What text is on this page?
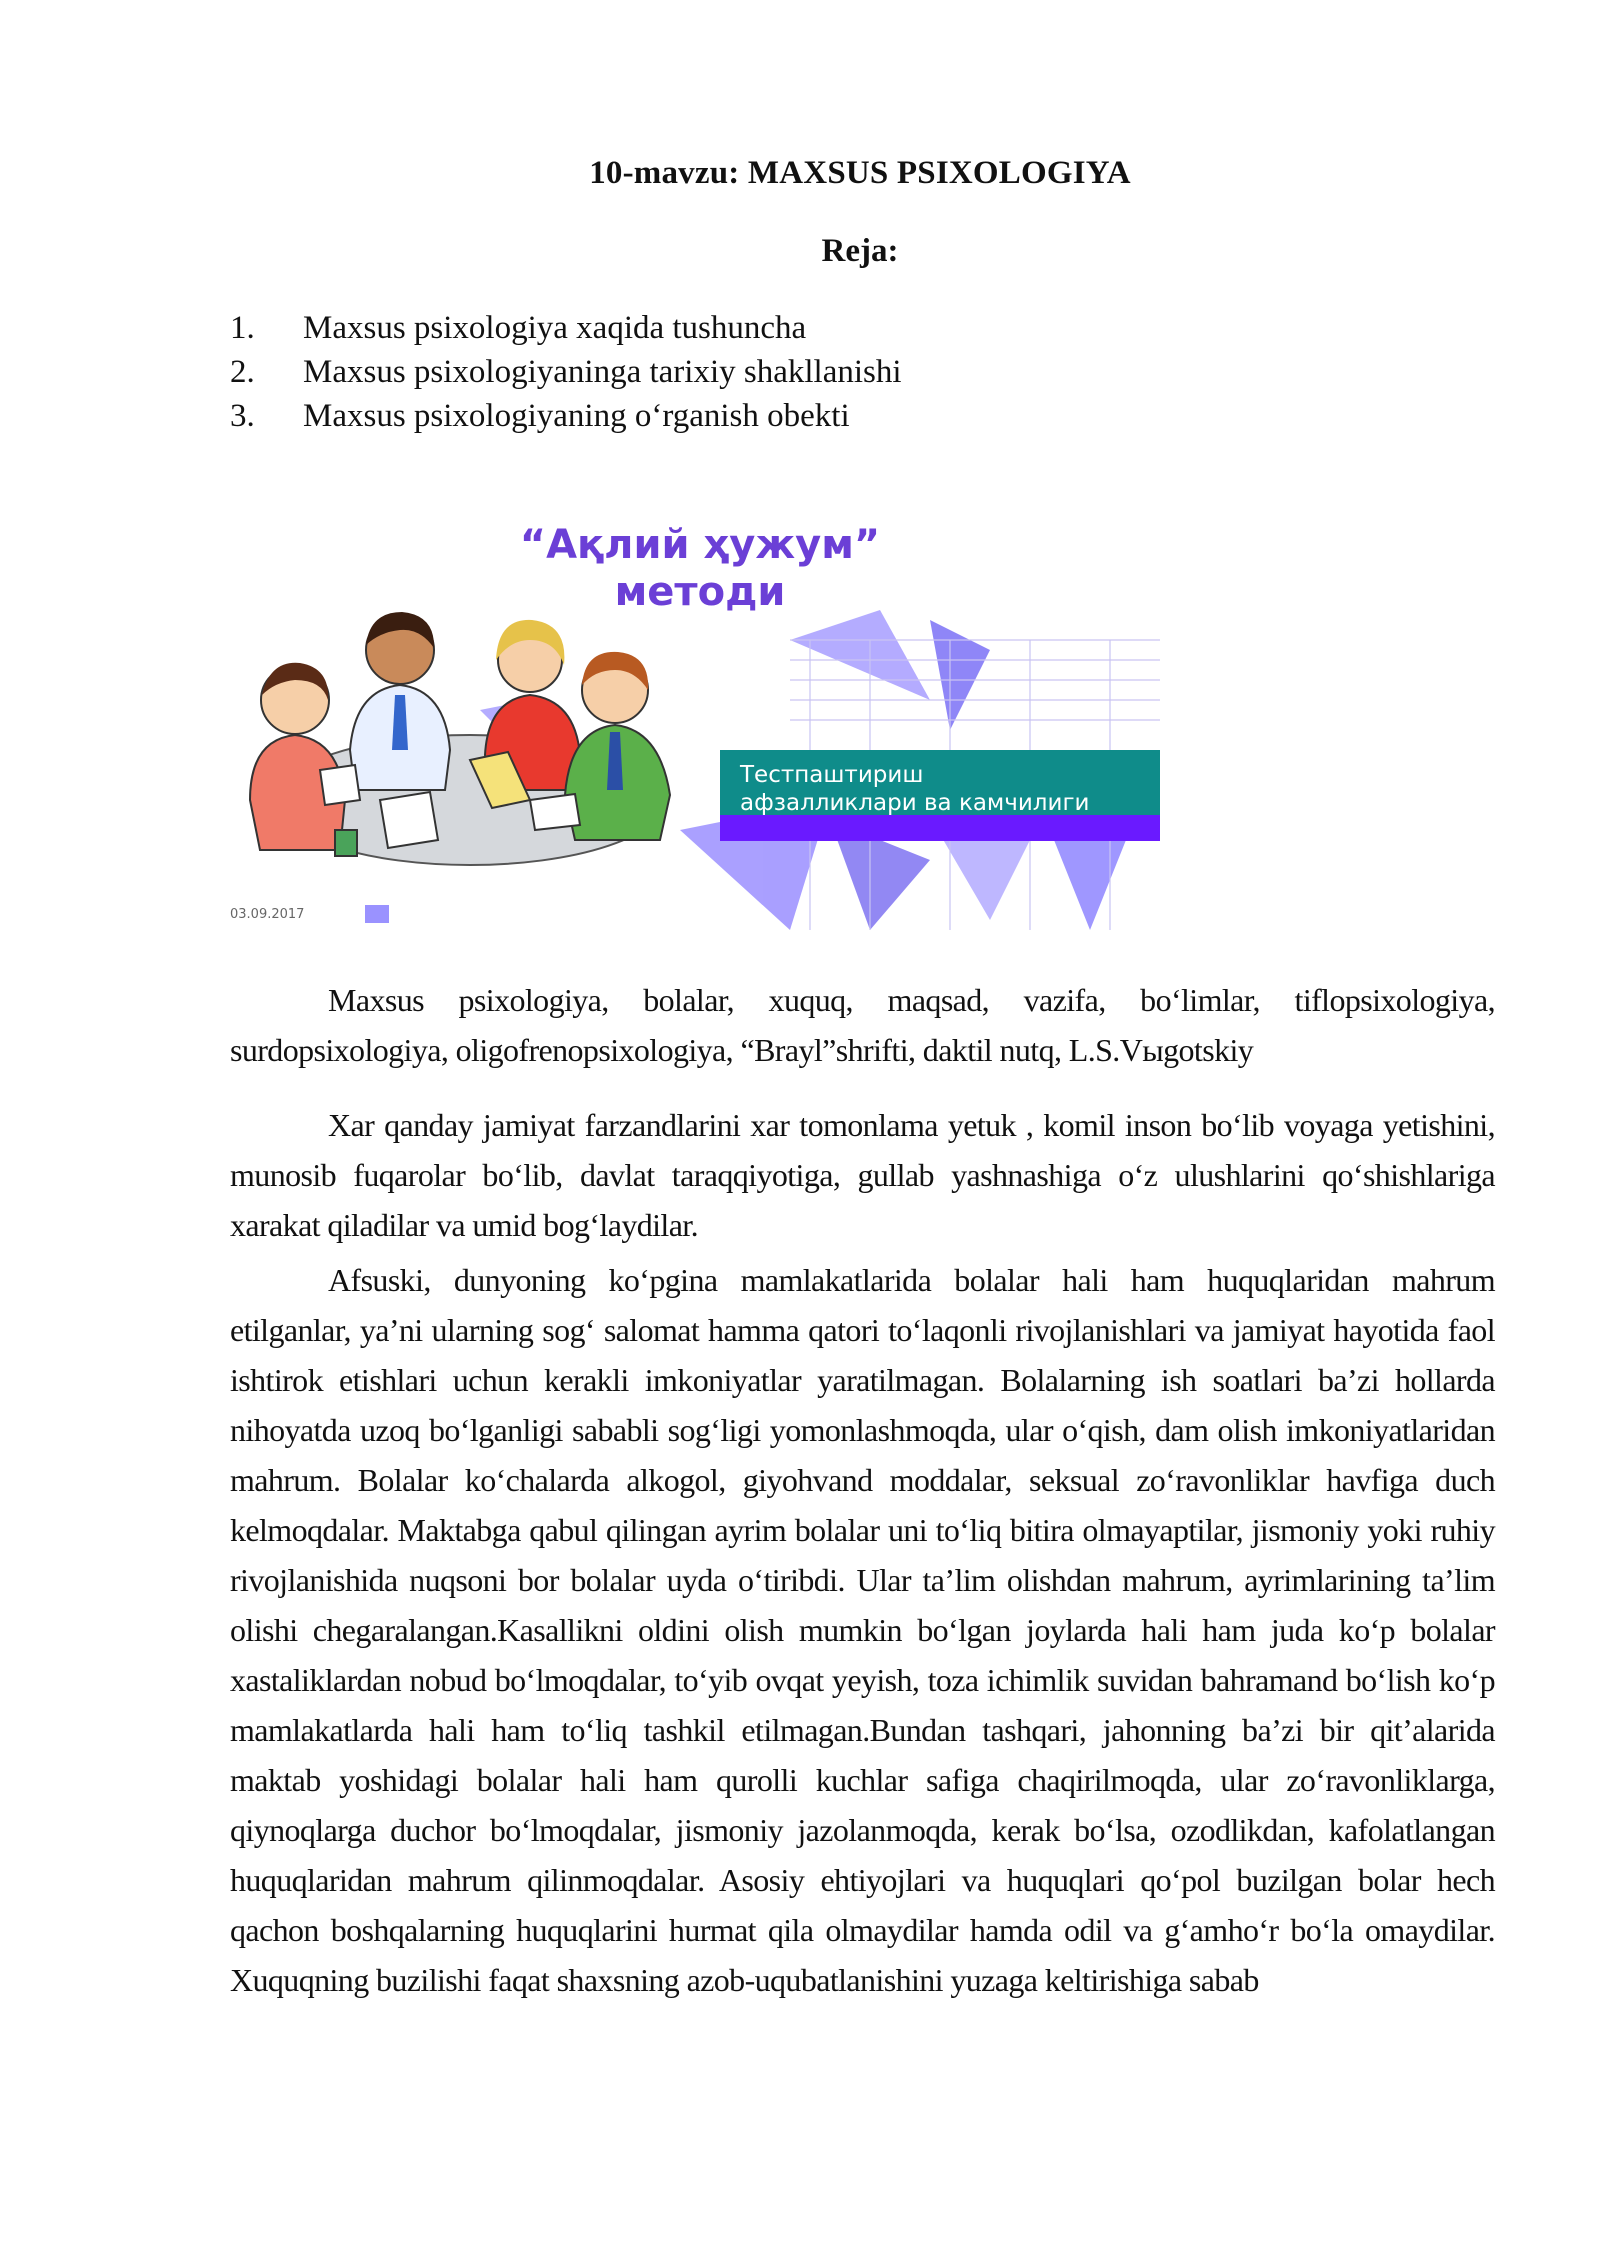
10-mavzu: MAXSUS PSIXOLOGIYA
Reja:
1.	Maxsus psixologiya xaqida tushuncha
2.	Maxsus psixologiyaninga tarixiy shakllanishi
3.	Maxsus psixologiyaning o‘rganish obekti
“Ақлий ҳужум”
методи
Тестпаштириш
афзалликлари ва камчилиги
03.09.2017

Maxsus psixologiya, bolalar, xuquq, maqsad, vazifa, bo‘limlar, tiflopsixologiya, surdopsixologiya, oligofrenopsixologiya, “Brayl”shrifti, daktil nutq, L.S.Vыgotskiy

Xar qanday jamiyat farzandlarini xar tomonlama yetuk , komil inson bo‘lib voyaga yetishini, munosib fuqarolar bo‘lib, davlat taraqqiyotiga, gullab yashnashiga o‘z ulushlarini qo‘shishlariga xarakat qiladilar va umid bog‘laydilar.

Afsuski, dunyoning ko‘pgina mamlakatlarida bolalar hali ham huquqlaridan mahrum etilganlar, ya’ni ularning sog‘ salomat hamma qatori to‘laqonli rivojlanishlari va jamiyat hayotida faol ishtirok etishlari uchun kerakli imkoniyatlar yaratilmagan. Bolalarning ish soatlari ba’zi hollarda nihoyatda uzoq bo‘lganligi sababli sog‘ligi yomonlashmoqda, ular o‘qish, dam olish imkoniyatlaridan mahrum. Bolalar ko‘chalarda alkogol, giyohvand moddalar, seksual zo‘ravonliklar havfiga duch kelmoqdalar. Maktabga qabul qilingan ayrim bolalar uni to‘liq bitira olmayaptilar, jismoniy yoki ruhiy rivojlanishida nuqsoni bor bolalar uyda o‘tiribdi. Ular ta’lim olishdan mahrum, ayrimlarining ta’lim olishi chegaralangan.Kasallikni oldini olish mumkin bo‘lgan joylarda hali ham juda ko‘p bolalar xastaliklardan nobud bo‘lmoqdalar, to‘yib ovqat yeyish, toza ichimlik suvidan bahramand bo‘lish ko‘p mamlakatlarda hali ham to‘liq tashkil etilmagan.Bundan tashqari, jahonning ba’zi bir qit’alarida maktab yoshidagi bolalar hali ham qurolli kuchlar safiga chaqirilmoqda, ular zo‘ravonliklarga, qiynoqlarga duchor bo‘lmoqdalar, jismoniy jazolanmoqda, kerak bo‘lsa, ozodlikdan, kafolatlangan huquqlaridan mahrum qilinmoqdalar. Asosiy ehtiyojlari va huquqlari qo‘pol buzilgan bolar hech qachon boshqalarning huquqlarini hurmat qila olmaydilar hamda odil va g‘amho‘r bo‘la omaydilar. Xuquqning buzilishi faqat shaxsning azob-uqubatlanishini yuzaga keltirishiga sabab
